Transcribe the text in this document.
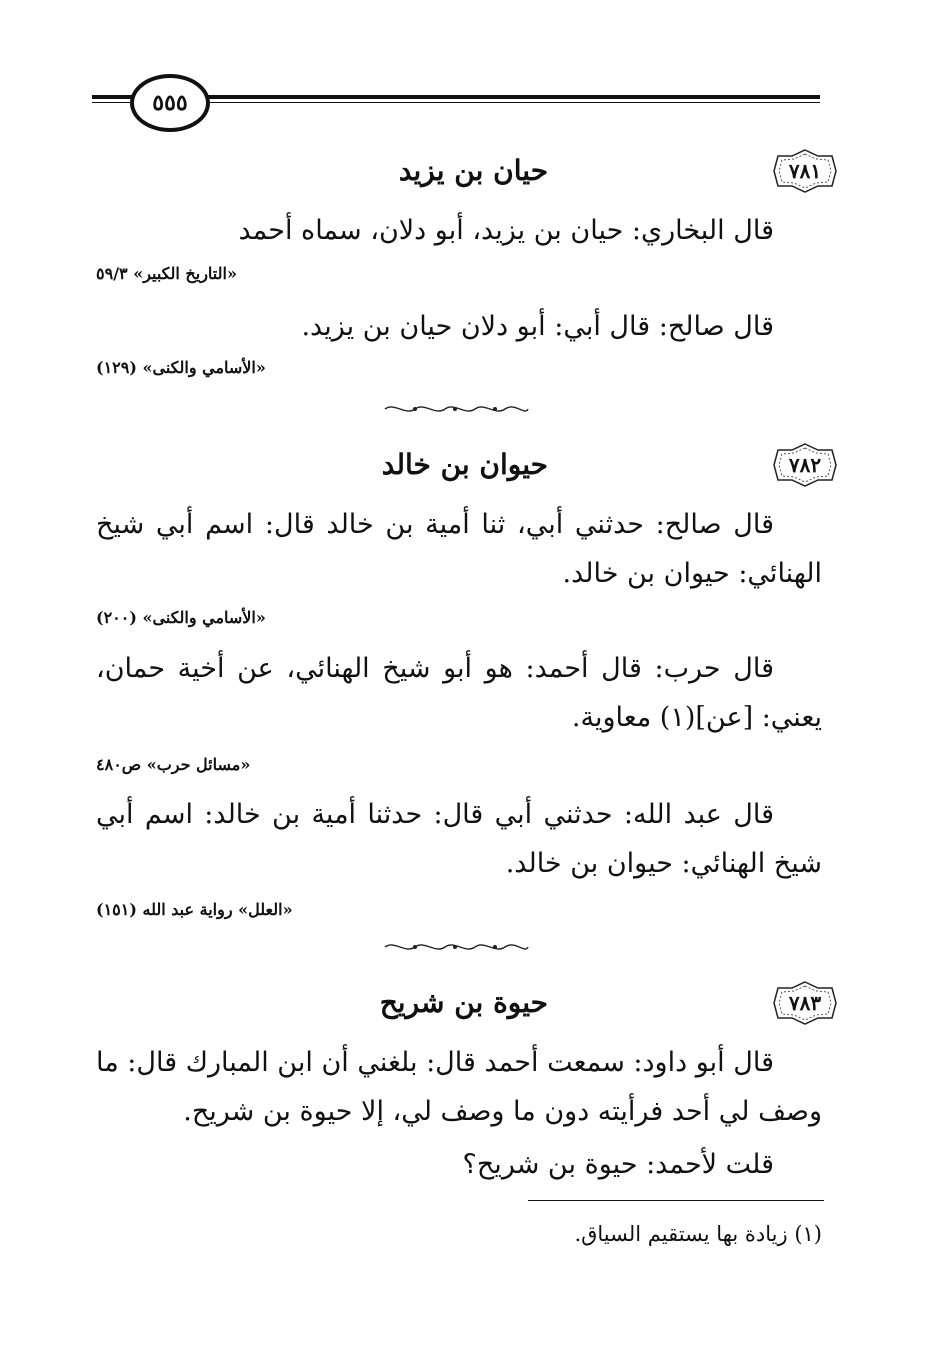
٥٥٥
٧٨١
حيان بن يزيد
قال البخاري: حيان بن يزيد، أبو دلان، سماه أحمد
«التاريخ الكبير» ٥٩/٣
قال صالح: قال أبي: أبو دلان حيان بن يزيد.
«الأسامي والكنى» (١٢٩)
٧٨٢
حيوان بن خالد
قال صالح: حدثني أبي، ثنا أمية بن خالد قال: اسم أبي شيخ الهنائي: حيوان بن خالد.
«الأسامي والكنى» (٢٠٠)
قال حرب: قال أحمد: هو أبو شيخ الهنائي، عن أخية حمان، يعني: [عن](١) معاوية.
«مسائل حرب» ص٤٨٠
قال عبد الله: حدثني أبي قال: حدثنا أمية بن خالد: اسم أبي شيخ الهنائي: حيوان بن خالد.
«العلل» رواية عبد الله (١٥١)
٧٨٣
حيوة بن شريح
قال أبو داود: سمعت أحمد قال: بلغني أن ابن المبارك قال: ما وصف لي أحد فرأيته دون ما وصف لي، إلا حيوة بن شريح.
قلت لأحمد: حيوة بن شريح؟
(١) زيادة بها يستقيم السياق.
